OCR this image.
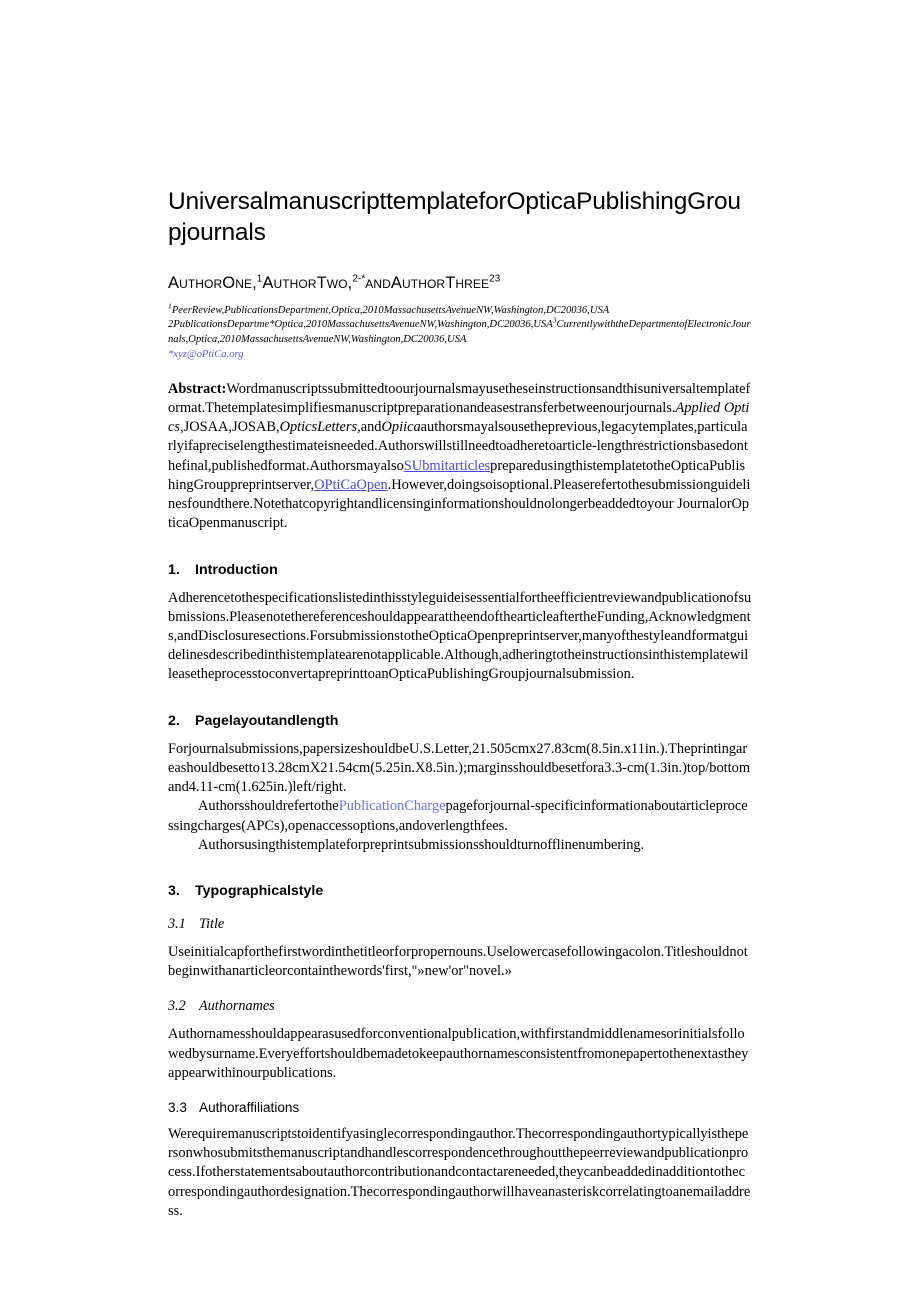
UniversalmanuscripttemplateforOpticaPublishingGroupjournals
AuthorOne,$^1$AuthorTwo,$^{2-*}$andAuthorThree$^{23}$
$^1$PeerReview,PublicationsDepartment,Optica,2010MassachusettsAvenueNW,Washington,DC20036,USA
2PublicationsDepartme*Optica,2010MassachusettsAvenueNW,Washington,DC20036,USA$^3$CurrentlywiththeDepartmentofElectronicJournals,Optica,2010MassachusettsAvenueNW,Washington,DC20036,USA
*xyz@oPtiCa.org
Abstract:Wordmanuscriptssubmittedtoourjournalsmayusetheseinstructionsandthisuniversaltemplateformat.Thetemplatesimplifiesmanuscriptpreparationandeasestransferbetweenourjournals.Applied Optics,JOSAA,JOSAB,OpticsLetters,andOpiicaauthorsmayalsousetheprevious,legacytemplates,particularlyifapreciselengthestimateisneeded.Authorswillstillneedtoadheretoarticle-lengthrestrictionsbasedonthefinal,publishedformat.AuthorsmayalsoSUbmitarticlespreparedusingthistemplatetotheOpticaPublishingGrouppreprintserver,OPtiCaOpen.However,doingsoisoptional.Pleaserefertothesubmissionguidelinesfoundthere.Notethatcopyrightandlicensinginformationshouldnolongerbeaddedtoyour JournalorOpticaOpenmanuscript.
1. Introduction

Adherencetothespecificationslistedinthisstyleguideisessentialfortheefficientreviewandpublicationofsubmissions.PleasenotethereferenceshouldappearattheendofthearticleaftertheFunding,Acknowledgments,andDisclosuresections.ForsubmissionstotheOpticaOpenpreprintserver,manyofthestyleandformatguidelinesdescribedinthistemplatearenotapplicable.Although,adheringtotheinstructionsinthistemplatewilleasetheprocesstoconvertapreprinttoanOpticaPublishingGroupjournalsubmission.

2. Pagelayoutandlength

Forjournalsubmissions,papersizeshouldbeU.S.Letter,21.505cmx27.83cm(8.5in.x11in.).Theprintingareashouldbesetto13.28cmX21.54cm(5.25in.X8.5in.);marginsshouldbesetfora3.3-cm(1.3in.)top/bottomand4.11-cm(1.625in.)left/right.

AuthorsshouldrefertothePublicationChargepageforjournal-specificinformationaboutarticleprocessingcharges(APCs),openaccessoptions,andoverlengthfees.

Authorsusingthistemplateforpreprintsubmissionsshouldturnofflinenumbering.

3. Typographicalstyle
3.1 Title

Useinitialcapforthefirstwordinthetitleorforpropernouns.Uselowercasefollowingacolon.Titleshouldnotbeginwithanarticleorcontainthewords'first,"»new'or"novel.»

3.2 Authornames

Authornamesshouldappearasusedforconventionalpublication,withfirstandmiddlenamesorinitialsfollowedbysurname.Everyeffortshouldbemadetokeepauthornamesconsistentfromonepapertothenextastheyappearwithinourpublications.

3.3 Authoraffiliations

Werequiremanuscriptstoidentifyasinglecorrespondingauthor.Thecorrespondingauthortypicallyisthepersonwhosubmitsthemanuscriptandhandlescorrespondencethroughoutthepeerreviewandpublicationprocess.Ifotherstatementsaboutauthorcontributionandcontactareneeded,theycanbeaddedinadditiontothecorrespondingauthordesignation.Thecorrespondingauthorwillhaveanasteriskcorrelatingtoanemailaddress.
